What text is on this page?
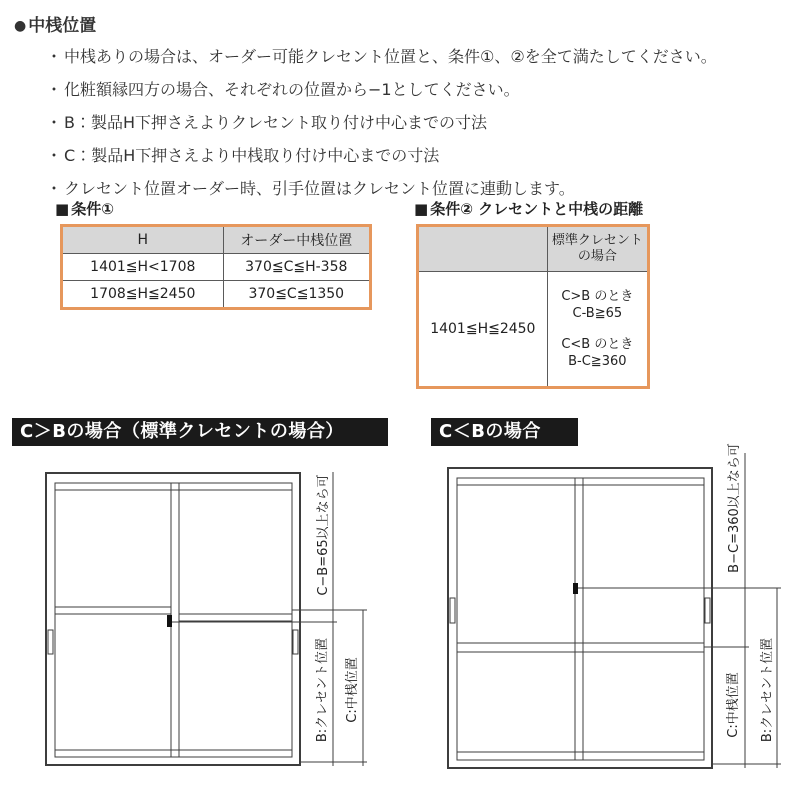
● 中桟位置
・ 中桟ありの場合は、オーダー可能クレセント位置と、条件①、②を全て満たしてください。
・ 化粧額縁四方の場合、それぞれの位置から−1としてください。
・ B：製品H下押さえよりクレセント取り付け中心までの寸法
・ C：製品H下押さえより中桟取り付け中心までの寸法
・ クレセント位置オーダー時、引手位置はクレセント位置に連動します。
■ 条件①
H	オーダー中桟位置
1401≦H<1708	370≦C≦H-358
1708≦H≦2450	370≦C≦1350
■ 条件② クレセントと中桟の距離

	標準クレセント
の場合

1401≦H≦2450	C>B のとき
C-B≧65
C<B のとき
B-C≧360
C＞Bの場合（標準クレセントの場合）	C＜Bの場合
C−B=65以上なら可
B:クレセント位置 C:中桟位置
B−C=360以上なら可
C:中桟位置 B:クレセント位置
